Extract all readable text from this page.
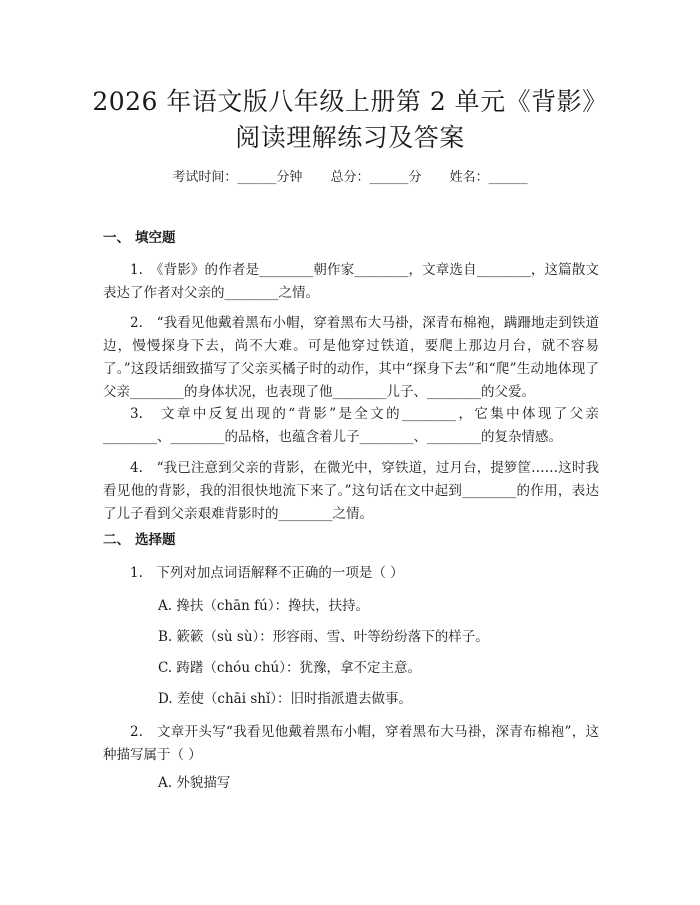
2026 年语文版八年级上册第 2 单元《背影》
阅读理解练习及答案
考试时间：______分钟 总分：______分 姓名：______
一、 填空题
1.　《背影》的作者是________朝作家________，文章选自________，这篇散文表达了作者对父亲的________之情。
2.　“我看见他戴着黑布小帽，穿着黑布大马褂，深青布棉袍，蹒跚地走到铁道边，慢慢探身下去，尚不大难。可是他穿过铁道，要爬上那边月台，就不容易了。”这段话细致描写了父亲买橘子时的动作，其中“探身下去”和“爬”生动地体现了父亲________的身体状况，也表现了他________儿子、________的父爱。
3.　文章中反复出现的“背影”是全文的________，它集中体现了父亲________、________的品格，也蕴含着儿子________、________的复杂情感。
4.　“我已注意到父亲的背影，在微光中，穿铁道，过月台，提箩筐……这时我看见他的背影，我的泪很快地流下来了。”这句话在文中起到________的作用，表达了儿子看到父亲艰难背影时的________之情。
二、 选择题
1.　下列对加点词语解释不正确的一项是（ ）
A. 搀扶（chān fú）：搀扶，扶持。
B. 簌簌（sù sù）：形容雨、雪、叶等纷纷落下的样子。
C. 踌躇（chóu chú）：犹豫，拿不定主意。
D. 差使（chāi shǐ）：旧时指派遣去做事。
2.　文章开头写“我看见他戴着黑布小帽，穿着黑布大马褂，深青布棉袍”，这种描写属于（ ）
A. 外貌描写
